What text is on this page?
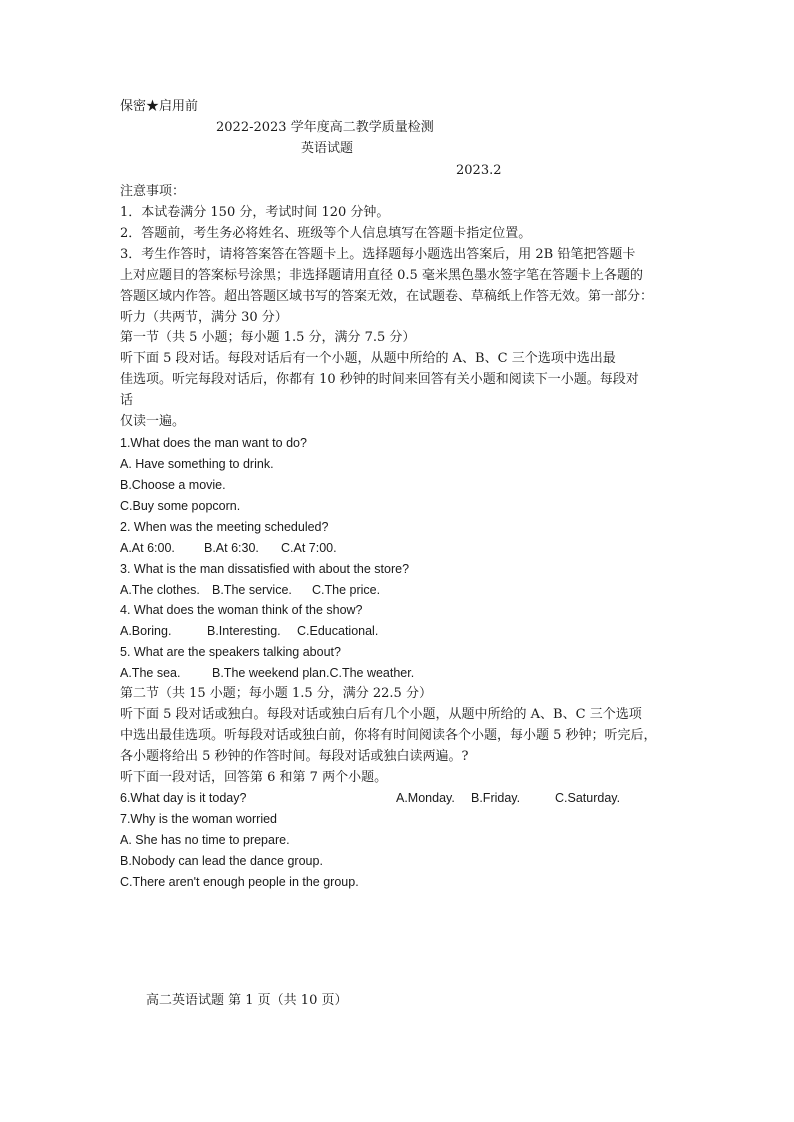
保密★启用前
2022-2023 学年度高二教学质量检测
英语试题
2023.2
注意事项：
1．本试卷满分 150 分，考试时间 120 分钟。
2．答题前，考生务必将姓名、班级等个人信息填写在答题卡指定位置。
3．考生作答时，请将答案答在答题卡上。选择题每小题选出答案后，用 2B 铅笔把答题卡
上对应题目的答案标号涂黑；非选择题请用直径 0.5 毫米黑色墨水签字笔在答题卡上各题的
答题区域内作答。超出答题区域书写的答案无效，在试题卷、草稿纸上作答无效。第一部分：
听力（共两节，满分 30 分）
第一节（共 5 小题；每小题 1.5 分，满分 7.5 分）
听下面 5 段对话。每段对话后有一个小题，从题中所给的 A、B、C 三个选项中选出最
佳选项。听完每段对话后，你都有 10 秒钟的时间来回答有关小题和阅读下一小题。每段对
话
仅读一遍。
1.What does the man want to do?
A. Have something to drink.
B.Choose a movie.
C.Buy some popcorn.
2. When was the meeting scheduled?
A.At 6:00. B.At 6:30. C.At 7:00.
3. What is the man dissatisfied with about the store?
A.The clothes. B.The service. C.The price.
4. What does the woman think of the show?
A.Boring.	B.Interesting. C.Educational.
5. What are the speakers talking about?
A.The sea.	B.The weekend plan.C.The weather.
第二节（共 15 小题；每小题 1.5 分，满分 22.5 分）
听下面 5 段对话或独白。每段对话或独白后有几个小题，从题中所给的 A、B、C 三个选项
中选出最佳选项。听每段对话或独白前，你将有时间阅读各个小题，每小题 5 秒钟；听完后，
各小题将给出 5 秒钟的作答时间。每段对话或独白读两遍。?
听下面一段对话，回答第 6 和第 7 两个小题。
6.What day is it today?	A.Monday. B.Friday.	C.Saturday.
7.Why is the woman worried
A. She has no time to prepare.
B.Nobody can lead the dance group.
C.There aren't enough people in the group.
高二英语试题 第 1 页（共 10 页）
